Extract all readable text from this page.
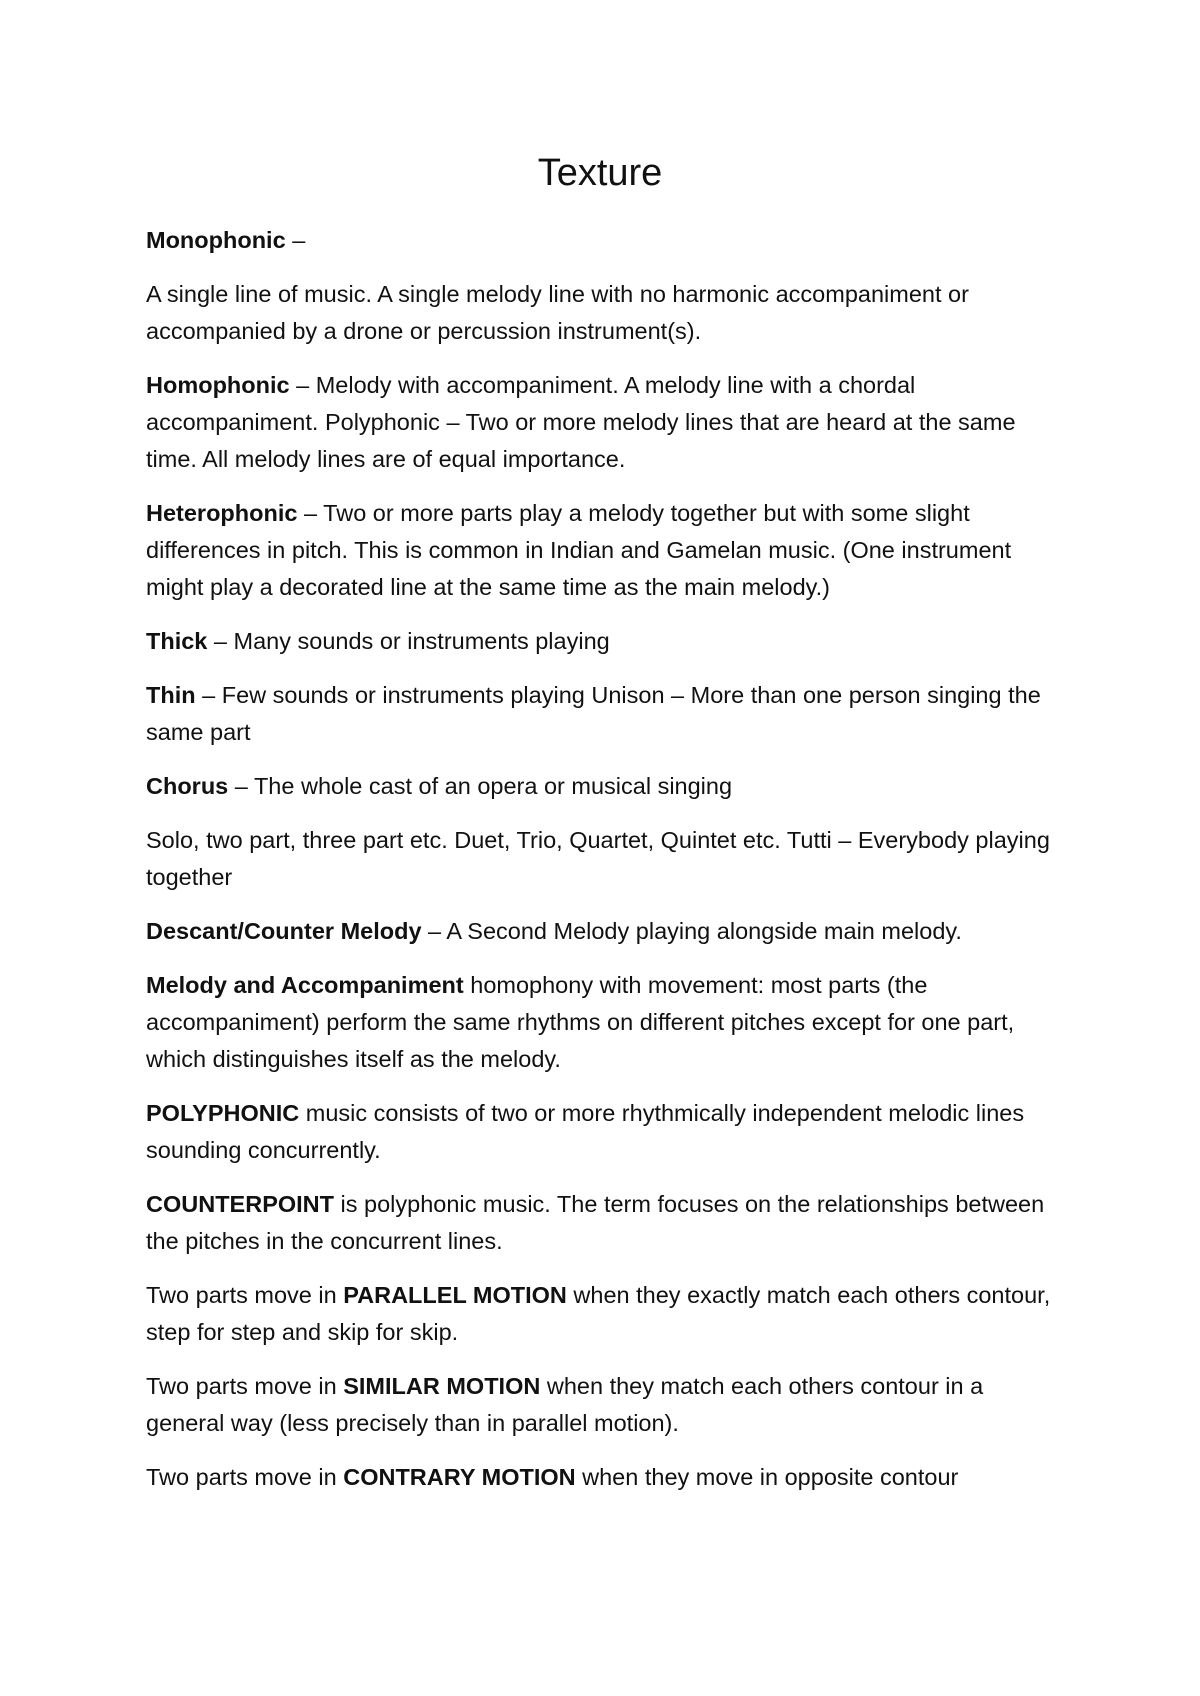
Texture

Monophonic –

A single line of music. A single melody line with no harmonic accompaniment or accompanied by a drone or percussion instrument(s).

Homophonic – Melody with accompaniment. A melody line with a chordal accompaniment. Polyphonic – Two or more melody lines that are heard at the same time. All melody lines are of equal importance.

Heterophonic – Two or more parts play a melody together but with some slight differences in pitch. This is common in Indian and Gamelan music. (One instrument might play a decorated line at the same time as the main melody.)

Thick – Many sounds or instruments playing

Thin – Few sounds or instruments playing Unison – More than one person singing the same part

Chorus – The whole cast of an opera or musical singing

Solo, two part, three part etc. Duet, Trio, Quartet, Quintet etc. Tutti – Everybody playing together

Descant/Counter Melody – A Second Melody playing alongside main melody.

Melody and Accompaniment homophony with movement: most parts (the accompaniment) perform the same rhythms on different pitches except for one part, which distinguishes itself as the melody.

POLYPHONIC music consists of two or more rhythmically independent melodic lines sounding concurrently.

COUNTERPOINT is polyphonic music. The term focuses on the relationships between the pitches in the concurrent lines.

Two parts move in PARALLEL MOTION when they exactly match each others contour, step for step and skip for skip.

Two parts move in SIMILAR MOTION when they match each others contour in a general way (less precisely than in parallel motion).

Two parts move in CONTRARY MOTION when they move in opposite contour
